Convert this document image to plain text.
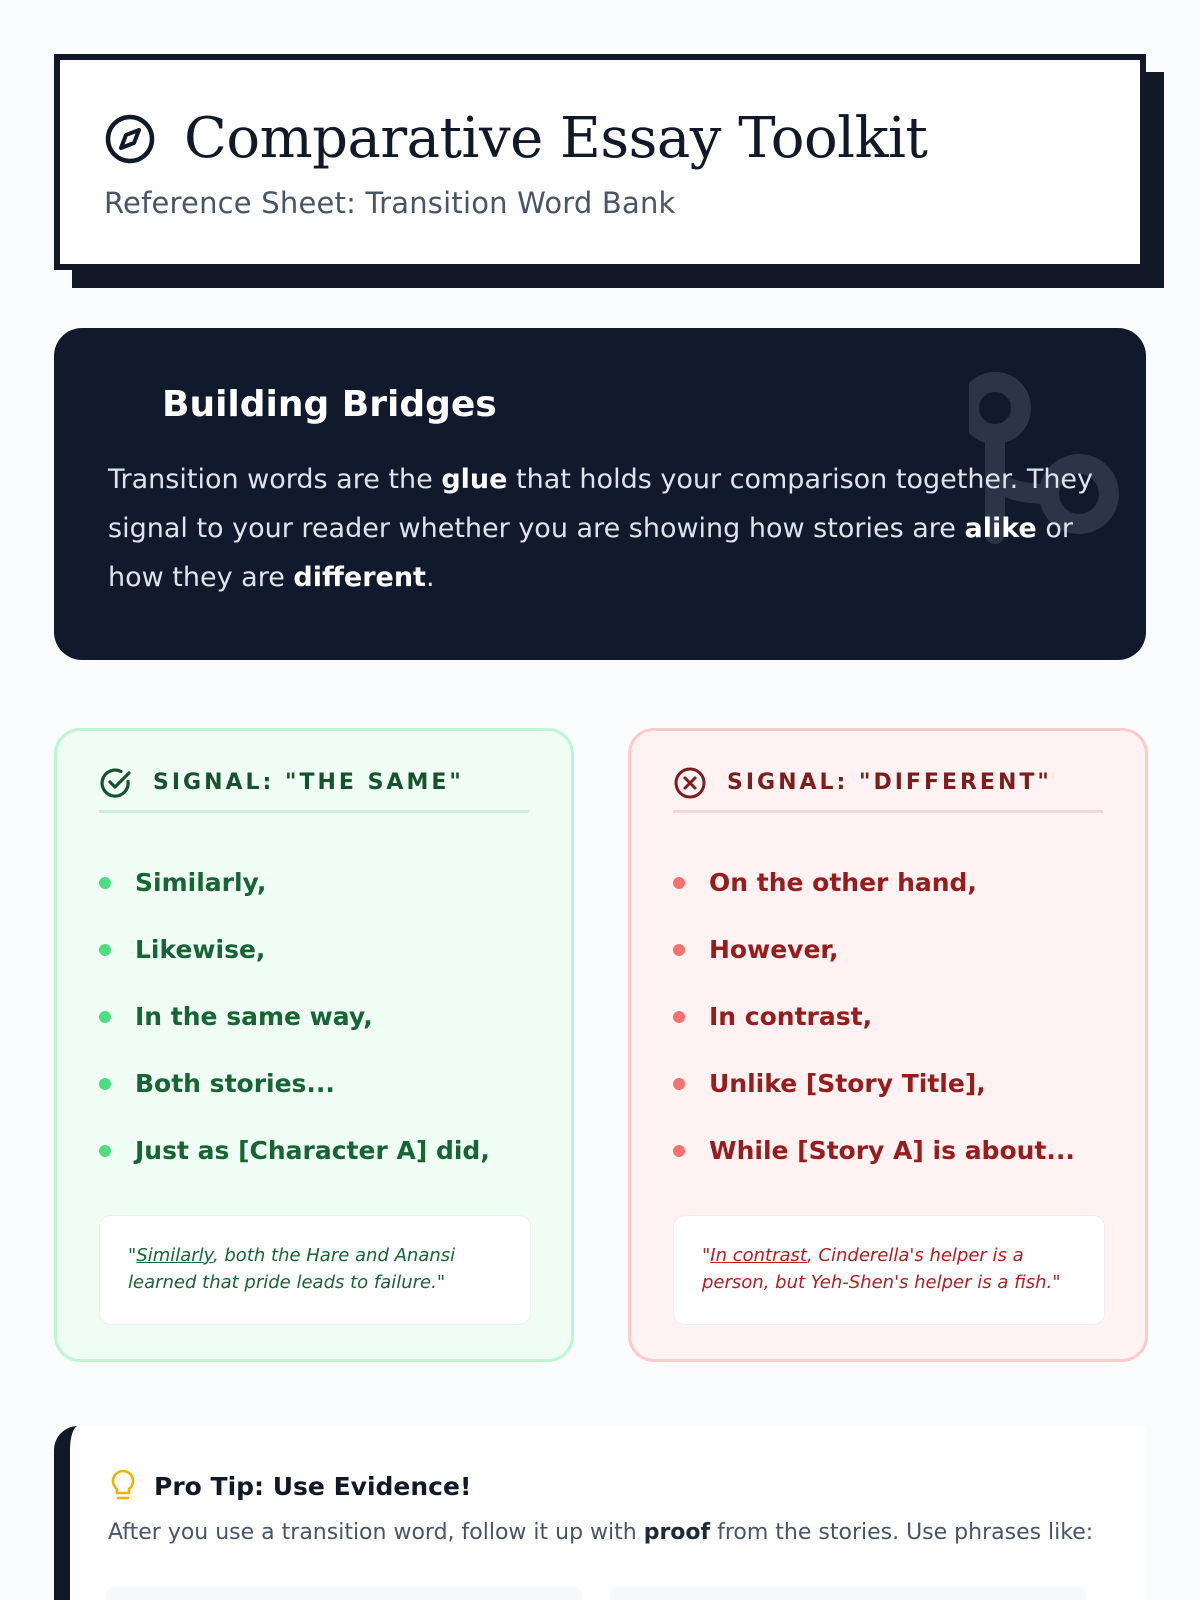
Comparative Essay Toolkit
Reference Sheet: Transition Word Bank
Building Bridges

Transition words are the glue that holds your comparison together. They signal to your reader whether you are showing how stories are alike or how they are different.

SIGNAL: "THE SAME"
Similarly,
Likewise,
In the same way,
Both stories...
Just as [Character A] did,
"Similarly, both the Hare and Anansi learned that pride leads to failure."
SIGNAL: "DIFFERENT"
On the other hand,
However,
In contrast,
Unlike [Story Title],
While [Story A] is about...
"In contrast, Cinderella's helper is a person, but Yeh-Shen's helper is a fish."
Pro Tip: Use Evidence!

After you use a transition word, follow it up with proof from the stories. Use phrases like:
